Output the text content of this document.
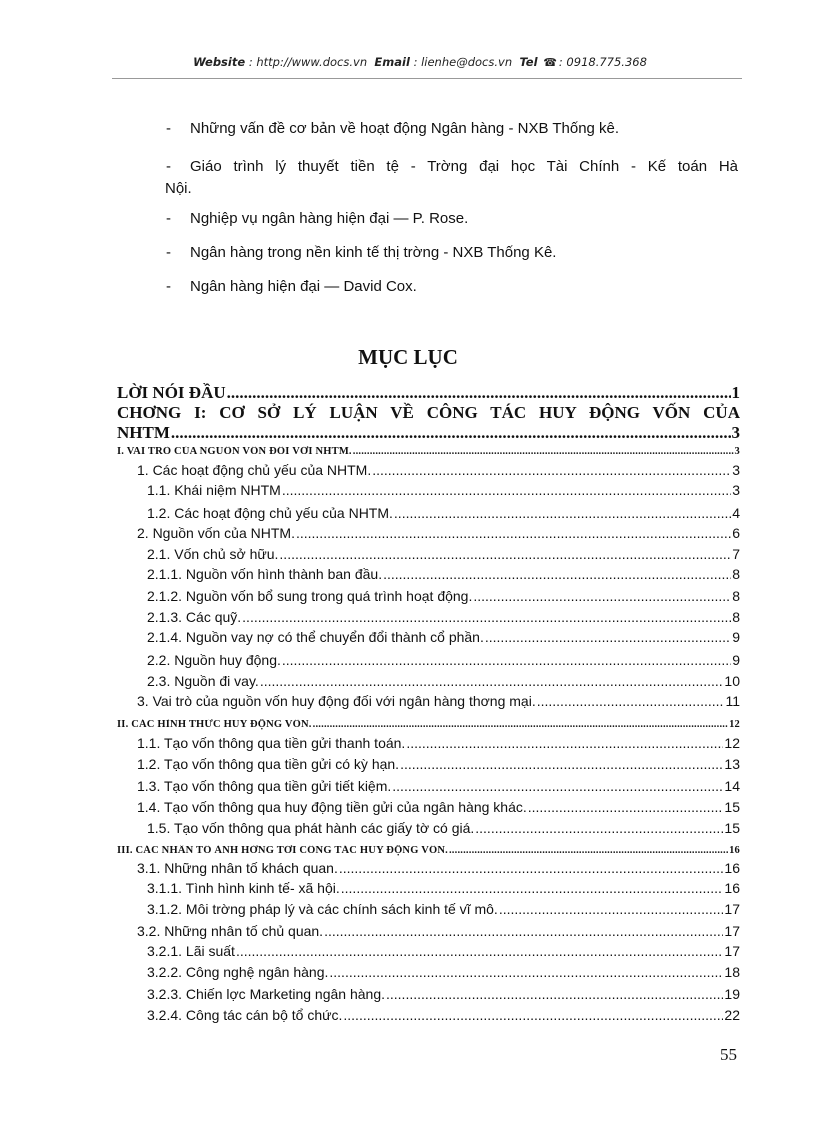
Website : http://www.docs.vn Email : lienhe@docs.vn Tel ☎ : 0918.775.368
- Những vấn đề cơ bản về hoạt động Ngân hàng - NXB Thống kê.
- Giáo trình lý thuyết tiền tệ - Trờng đại học Tài Chính - Kế toán Hà
Nội.
- Nghiệp vụ ngân hàng hiện đại — P. Rose.
- Ngân hàng trong nền kinh tế thị trờng - NXB Thống Kê.
- Ngân hàng hiện đại — David Cox.
MỤC LỤC
LỜI NÓI ĐẦU .....	1
CHƠNG I: CƠ SỞ LÝ LUẬN VỀ CÔNG TÁC HUY ĐỘNG VỐN CỦA
NHTM .....	3
I. VAI TRÒ CỦA NGUỒN VỐN ĐỐI VỚI NHTM. .....	3
1. Các hoạt động chủ yếu của NHTM. .....	3
1.1. Khái niệm NHTM .....	3
1.2. Các hoạt động chủ yếu của NHTM. .....	4
2. Nguồn vốn của NHTM. .....	6
2.1. Vốn chủ sở hữu. .....	7
2.1.1. Nguồn vốn hình thành ban đầu. .....	8
2.1.2. Nguồn vốn bổ sung trong quá trình hoạt động. .....	8
2.1.3. Các quỹ. .....	8
2.1.4. Nguồn vay nợ có thể chuyển đổi thành cổ phần. .....	9
2.2. Nguồn huy động. .....	9
2.3. Nguồn đi vay. .....	10
3. Vai trò của nguồn vốn huy động đối với ngân hàng thơng mại. .....	11
II. CÁC HÌNH THỨC HUY ĐỘNG VỐN. .....	12
1.1. Tạo vốn thông qua tiền gửi thanh toán. .....	12
1.2. Tạo vốn thông qua tiền gửi có kỳ hạn. .....	13
1.3. Tạo vốn thông qua tiền gửi tiết kiệm. .....	14
1.4. Tạo vốn thông qua huy động tiền gửi của ngân hàng khác. .....	15
1.5. Tạo vốn thông qua phát hành các giấy tờ có giá. .....	15
III. CÁC NHÂN TỐ ẢNH HỞNG TỚI CÔNG TÁC HUY ĐỘNG VỐN. .....	16
3.1. Những nhân tố khách quan. .....	16
3.1.1. Tình hình kinh tế- xã hội. .....	16
3.1.2. Môi trờng pháp lý và các chính sách kinh tế vĩ mô. .....	17
3.2. Những nhân tố chủ quan. .....	17
3.2.1. Lãi suất .....	17
3.2.2. Công nghệ ngân hàng. .....	18
3.2.3. Chiến lợc Marketing ngân hàng. .....	19
3.2.4. Công tác cán bộ tổ chức. .....	22
55
